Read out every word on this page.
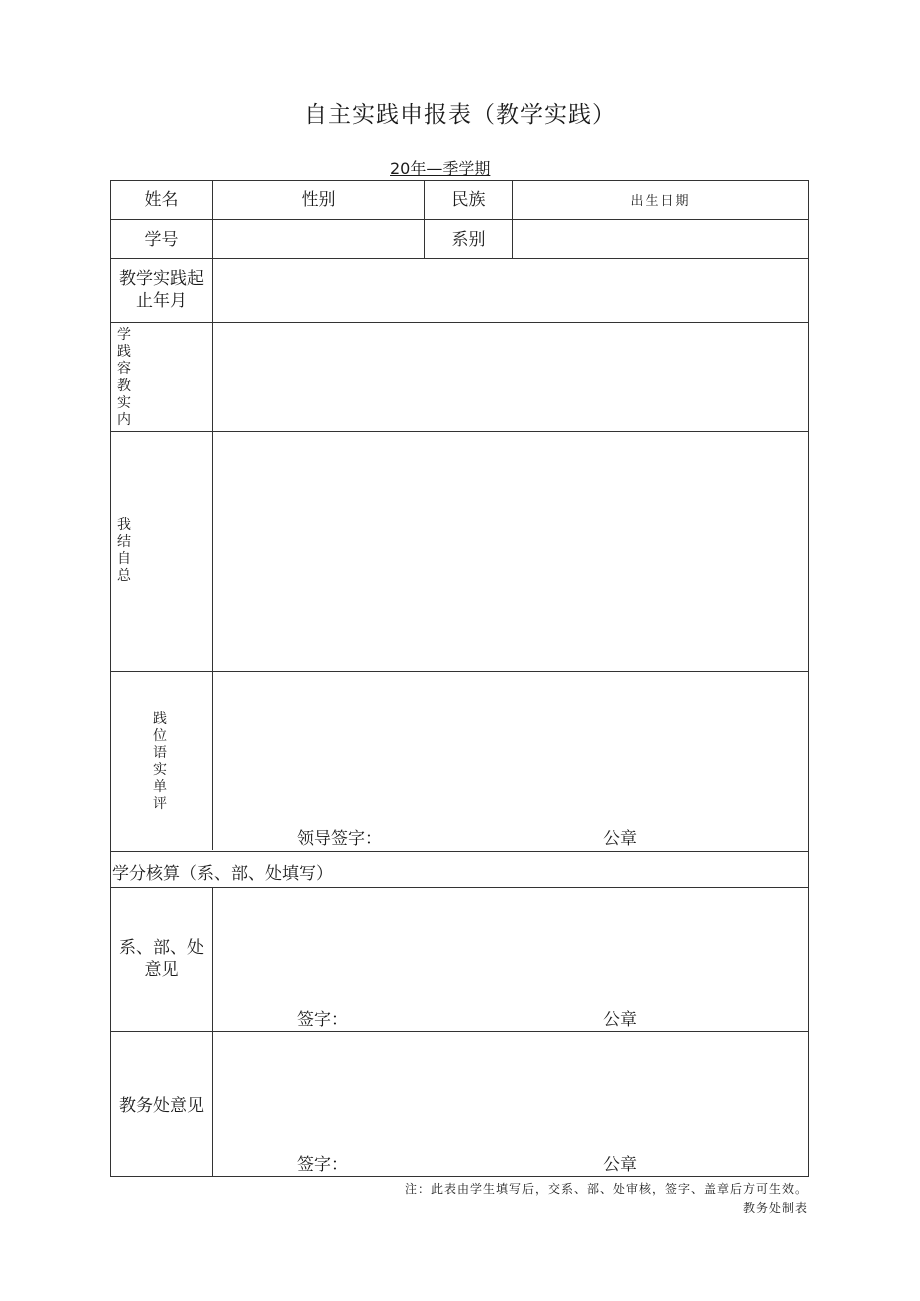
自主实践申报表（教学实践）
20年—季学期
姓名	性别	民族	出生日期
学号	系别
教学实践起
止年月
学践容教实内
我结自总
践位语实单评
领导签字：	公章
学分核算（系、部、处填写）
系、部、处
意见
签字：	公章
教务处意见
签字：	公章
注：此表由学生填写后，交系、部、处审核，签字、盖章后方可生效。
教务处制表
